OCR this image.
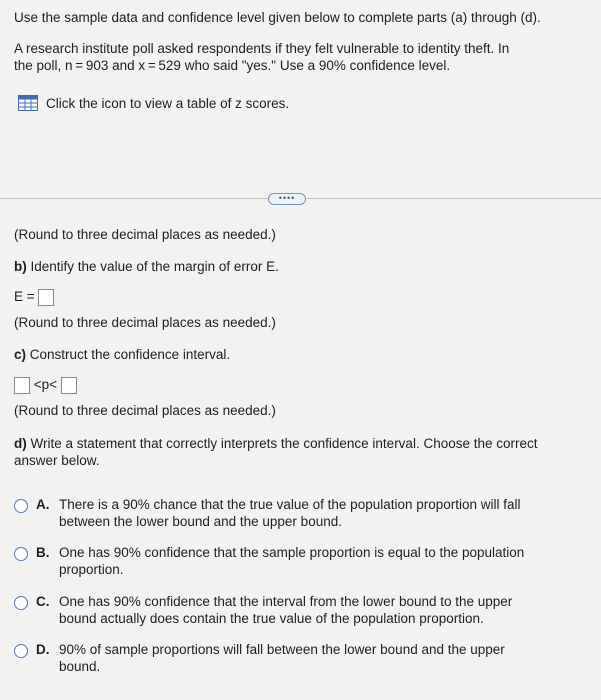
Use the sample data and confidence level given below to complete parts (a) through (d).
A research institute poll asked respondents if they felt vulnerable to identity theft. In
the poll, n = 903 and x = 529 who said "yes." Use a 90% confidence level.
Click the icon to view a table of z scores.
••••
(Round to three decimal places as needed.)
b) Identify the value of the margin of error E.
E =
(Round to three decimal places as needed.)
c) Construct the confidence interval.
<p<
(Round to three decimal places as needed.)
d) Write a statement that correctly interprets the confidence interval. Choose the correct
answer below.
A. There is a 90% chance that the true value of the population proportion will fall
between the lower bound and the upper bound.
B. One has 90% confidence that the sample proportion is equal to the population
proportion.
C. One has 90% confidence that the interval from the lower bound to the upper
bound actually does contain the true value of the population proportion.
D. 90% of sample proportions will fall between the lower bound and the upper
bound.
